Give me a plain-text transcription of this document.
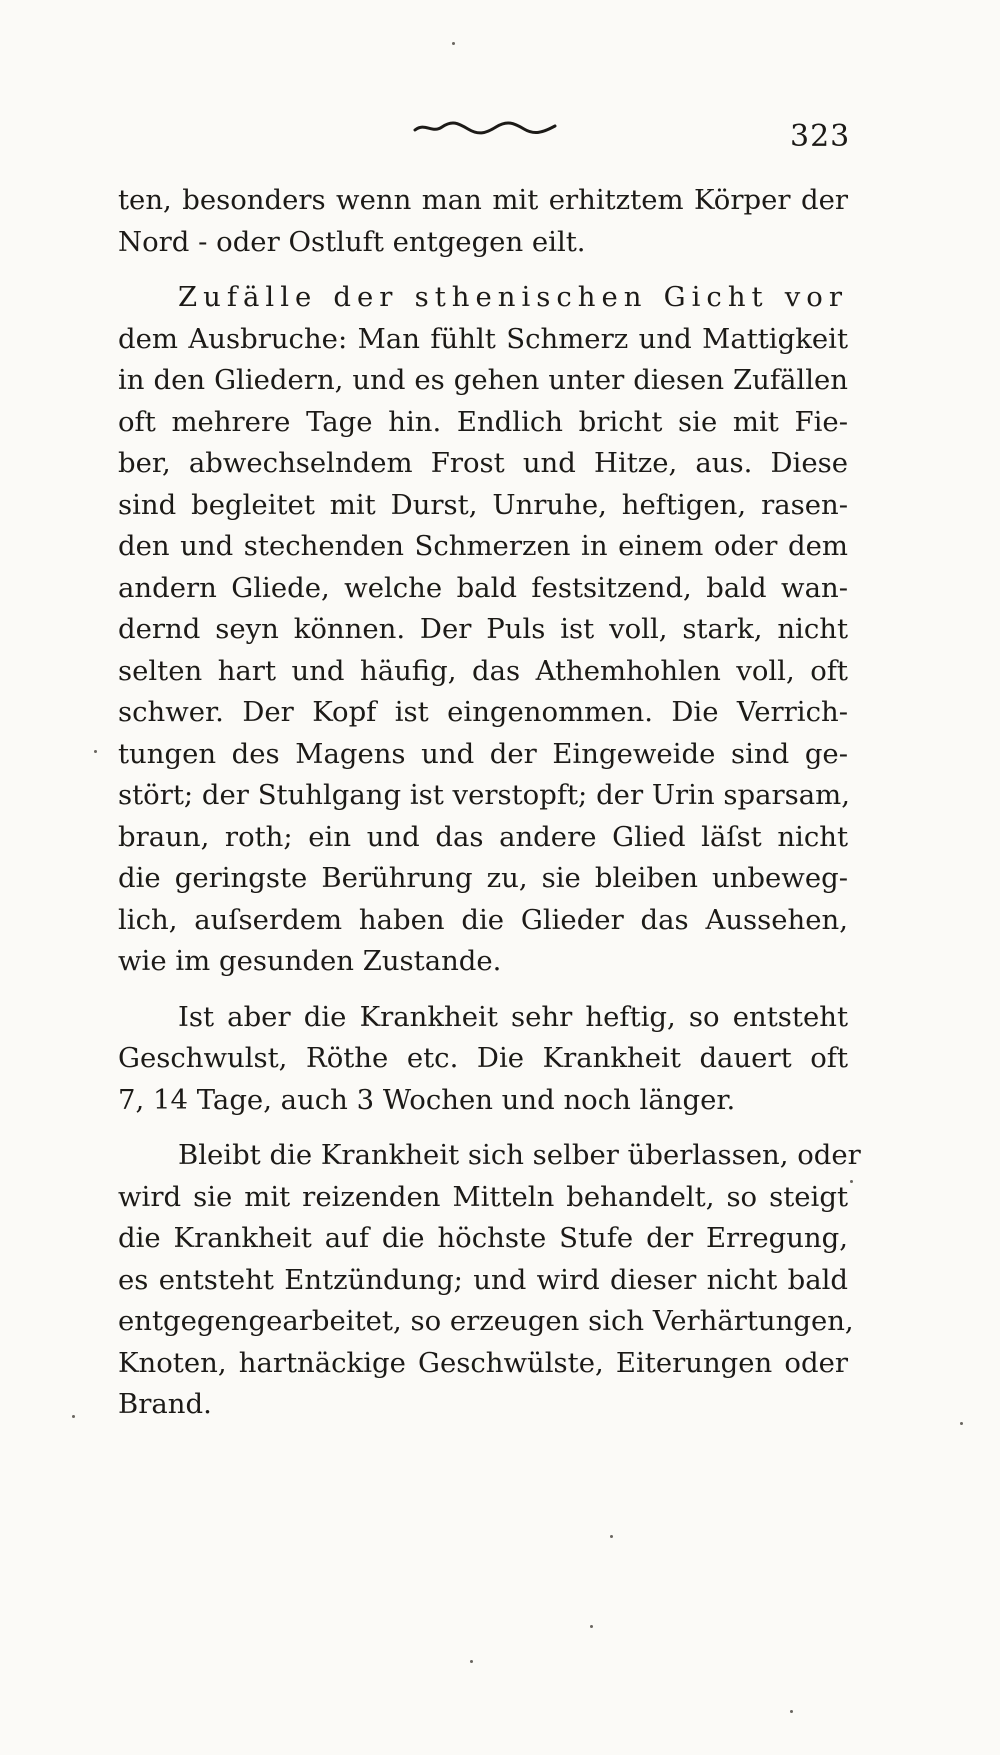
323
ten, besonders wenn man mit erhitztem Körper der
Nord - oder Ostluft entgegen eilt.
Zufälle der sthenischen Gicht vor
dem Ausbruche: Man fühlt Schmerz und Mattigkeit
in den Gliedern, und es gehen unter diesen Zufällen
oft mehrere Tage hin. Endlich bricht sie mit Fie-
ber, abwechselndem Frost und Hitze, aus. Diese
sind begleitet mit Durst, Unruhe, heftigen, rasen-
den und stechenden Schmerzen in einem oder dem
andern Gliede, welche bald festsitzend, bald wan-
dernd seyn können. Der Puls ist voll, stark, nicht
selten hart und häufig, das Athemhohlen voll, oft
schwer. Der Kopf ist eingenommen. Die Verrich-
tungen des Magens und der Eingeweide sind ge-
stört; der Stuhlgang ist verstopft; der Urin sparsam,
braun, roth; ein und das andere Glied läſst nicht
die geringste Berührung zu, sie bleiben unbeweg-
lich, auſserdem haben die Glieder das Aussehen,
wie im gesunden Zustande.
Ist aber die Krankheit sehr heftig, so entsteht
Geschwulst, Röthe etc. Die Krankheit dauert oft
7, 14 Tage, auch 3 Wochen und noch länger.
Bleibt die Krankheit sich selber überlassen, oder
wird sie mit reizenden Mitteln behandelt, so steigt
die Krankheit auf die höchste Stufe der Erregung,
es entsteht Entzündung; und wird dieser nicht bald
entgegengearbeitet, so erzeugen sich Verhärtungen,
Knoten, hartnäckige Geschwülste, Eiterungen oder
Brand.
